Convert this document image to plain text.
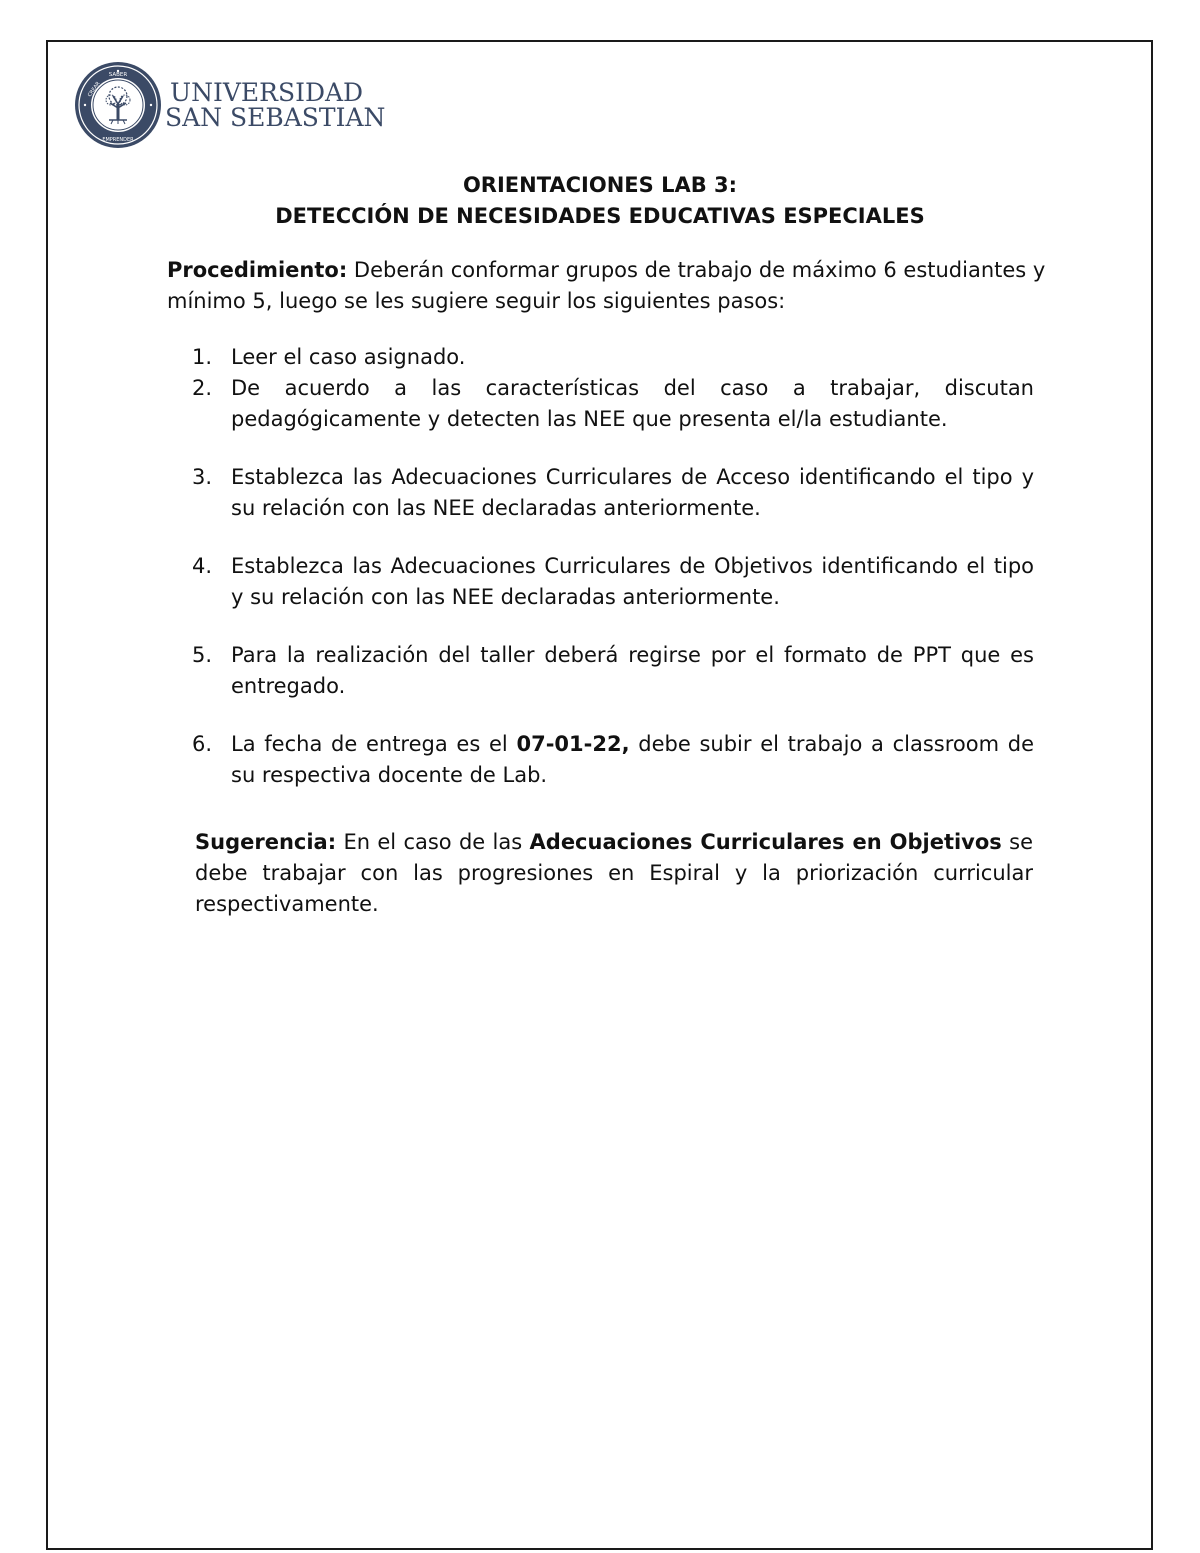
SABER
CREAR
EMPRENDER
UNIVERSIDAD
SAN SEBASTIAN
ORIENTACIONES LAB 3:
DETECCIÓN DE NECESIDADES EDUCATIVAS ESPECIALES
Procedimiento: Deberán conformar grupos de trabajo de máximo 6 estudiantes y mínimo 5, luego se les sugiere seguir los siguientes pasos:
1. Leer el caso asignado.
2. De acuerdo a las características del caso a trabajar, discutan pedagógicamente y detecten las NEE que presenta el/la estudiante.
3. Establezca las Adecuaciones Curriculares de Acceso identificando el tipo y su relación con las NEE declaradas anteriormente.
4. Establezca las Adecuaciones Curriculares de Objetivos identificando el tipo y su relación con las NEE declaradas anteriormente.
5. Para la realización del taller deberá regirse por el formato de PPT que es entregado.
6. La fecha de entrega es el 07-01-22, debe subir el trabajo a classroom de su respectiva docente de Lab.
Sugerencia: En el caso de las Adecuaciones Curriculares en Objetivos se debe trabajar con las progresiones en Espiral y la priorización curricular respectivamente.
